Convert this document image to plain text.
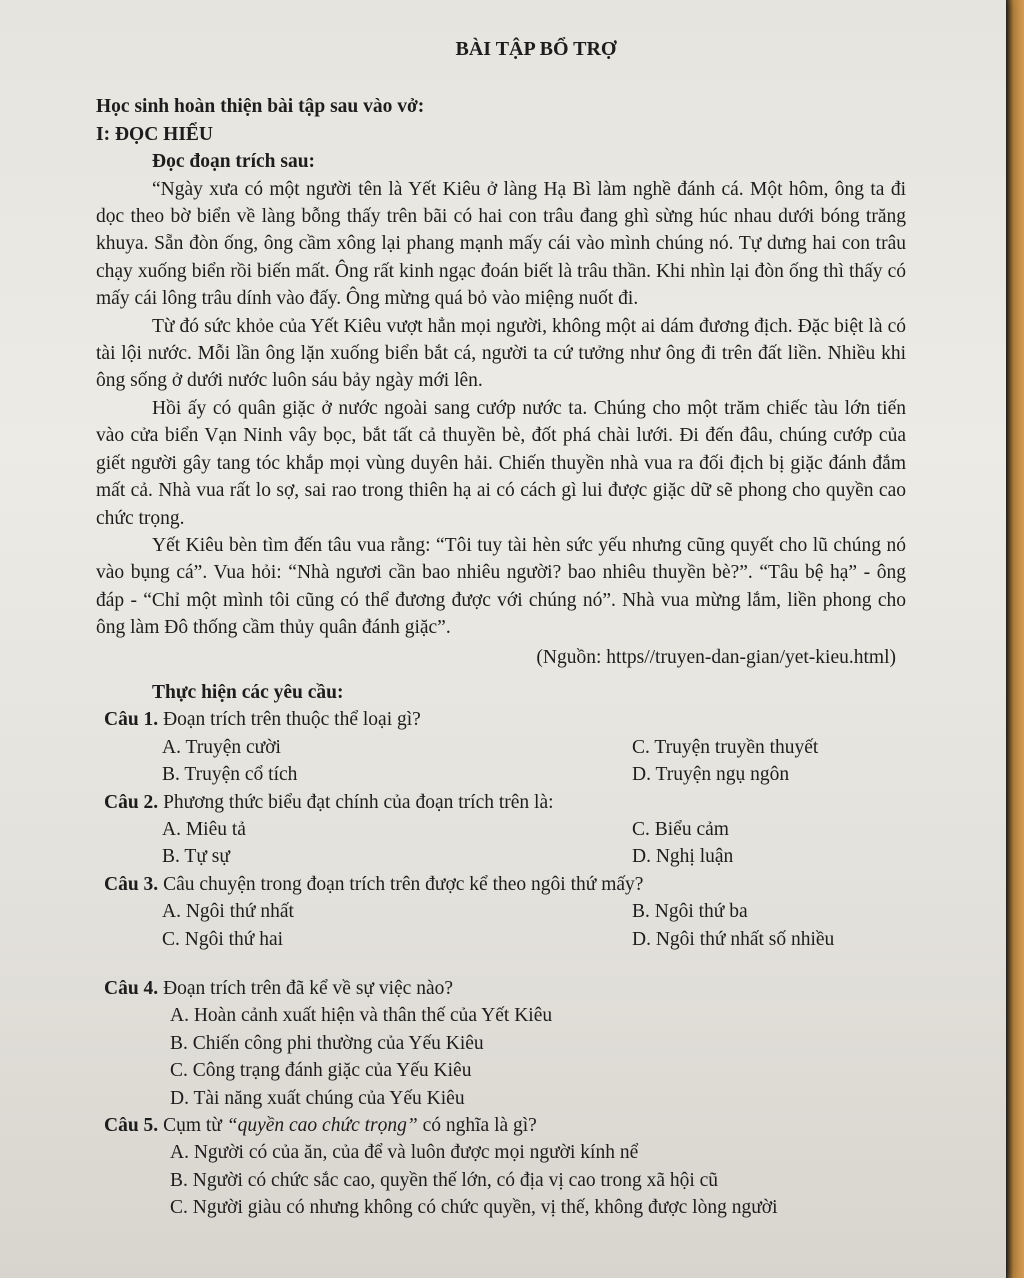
BÀI TẬP BỔ TRỢ
Học sinh hoàn thiện bài tập sau vào vở:
I: ĐỌC HIỂU
Đọc đoạn trích sau:

“Ngày xưa có một người tên là Yết Kiêu ở làng Hạ Bì làm nghề đánh cá. Một hôm, ông ta đi dọc theo bờ biển về làng bỗng thấy trên bãi có hai con trâu đang ghì sừng húc nhau dưới bóng trăng khuya. Sẵn đòn ống, ông cầm xông lại phang mạnh mấy cái vào mình chúng nó. Tự dưng hai con trâu chạy xuống biển rồi biến mất. Ông rất kinh ngạc đoán biết là trâu thần. Khi nhìn lại đòn ống thì thấy có mấy cái lông trâu dính vào đấy. Ông mừng quá bỏ vào miệng nuốt đi.

Từ đó sức khỏe của Yết Kiêu vượt hẳn mọi người, không một ai dám đương địch. Đặc biệt là có tài lội nước. Mỗi lần ông lặn xuống biển bắt cá, người ta cứ tưởng như ông đi trên đất liền. Nhiều khi ông sống ở dưới nước luôn sáu bảy ngày mới lên.

Hồi ấy có quân giặc ở nước ngoài sang cướp nước ta. Chúng cho một trăm chiếc tàu lớn tiến vào cửa biển Vạn Ninh vây bọc, bắt tất cả thuyền bè, đốt phá chài lưới. Đi đến đâu, chúng cướp của giết người gây tang tóc khắp mọi vùng duyên hải. Chiến thuyền nhà vua ra đối địch bị giặc đánh đắm mất cả. Nhà vua rất lo sợ, sai rao trong thiên hạ ai có cách gì lui được giặc dữ sẽ phong cho quyền cao chức trọng.

Yết Kiêu bèn tìm đến tâu vua rằng: “Tôi tuy tài hèn sức yếu nhưng cũng quyết cho lũ chúng nó vào bụng cá”. Vua hỏi: “Nhà ngươi cần bao nhiêu người? bao nhiêu thuyền bè?”. “Tâu bệ hạ” - ông đáp - “Chỉ một mình tôi cũng có thể đương được với chúng nó”. Nhà vua mừng lắm, liền phong cho ông làm Đô thống cầm thủy quân đánh giặc”.

(Nguồn: https//truyen-dan-gian/yet-kieu.html)
Thực hiện các yêu cầu:

Câu 1. Đoạn trích trên thuộc thể loại gì?

A. Truyện cười	C. Truyện truyền thuyết

B. Truyện cổ tích	D. Truyện ngụ ngôn

Câu 2. Phương thức biểu đạt chính của đoạn trích trên là:

A. Miêu tả	C. Biểu cảm

B. Tự sự	D. Nghị luận

Câu 3. Câu chuyện trong đoạn trích trên được kể theo ngôi thứ mấy?

A. Ngôi thứ nhất	B. Ngôi thứ ba

C. Ngôi thứ hai	D. Ngôi thứ nhất số nhiều

Câu 4. Đoạn trích trên đã kể về sự việc nào?

A. Hoàn cảnh xuất hiện và thân thế của Yết Kiêu

B. Chiến công phi thường của Yếu Kiêu

C. Công trạng đánh giặc của Yếu Kiêu

D. Tài năng xuất chúng của Yếu Kiêu

Câu 5. Cụm từ “quyền cao chức trọng” có nghĩa là gì?

A. Người có của ăn, của để và luôn được mọi người kính nể

B. Người có chức sắc cao, quyền thế lớn, có địa vị cao trong xã hội cũ

C. Người giàu có nhưng không có chức quyền, vị thế, không được lòng người
